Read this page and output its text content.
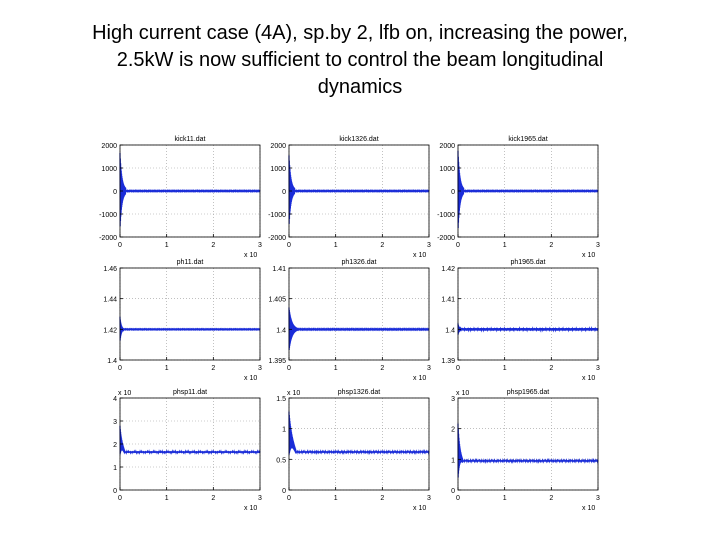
High current case (4A), sp.by 2, lfb on, increasing the power,
2.5kW is now sufficient to control the beam longitudinal
dynamics
2000
1000
0
-1000
-2000
0	1	2	3
kick11.dat
x 10
2000
1000
0
-1000
-2000
0	1	2	3
kick1326.dat
x 10
2000
1000
0
-1000
-2000
0	1	2	3
kick1965.dat
x 10
1.46
1.44
1.42
1.4
0	1	2	3
ph11.dat
x 10
1.41
1.405
1.4
1.395
0	1	2	3
ph1326.dat
x 10
1.42
1.41
1.4
1.39
0	1	2	3
ph1965.dat
x 10
4
3
2
1
0
0	1	2	3
phsp11.dat
x 10
x 10
1.5
1
0.5
0
0	1	2	3
phsp1326.dat
x 10
x 10
3
2
1
0
0	1	2	3
phsp1965.dat
x 10
x 10
